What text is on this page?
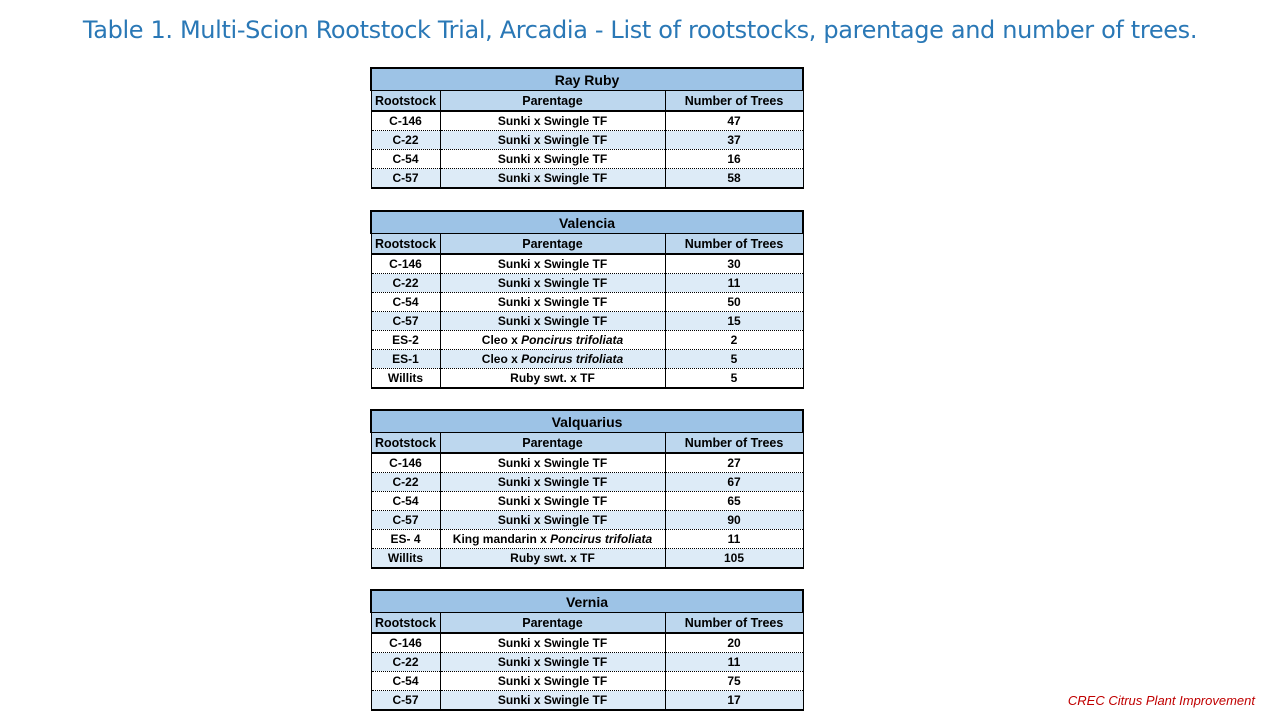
Table 1. Multi-Scion Rootstock Trial, Arcadia - List of rootstocks, parentage and number of trees.
Ray Ruby		
Rootstock	Parentage	Number of Trees
C-146	Sunki x Swingle TF	47
C-22	Sunki x Swingle TF	37
C-54	Sunki x Swingle TF	16
C-57	Sunki x Swingle TF	58
Valencia		
Rootstock	Parentage	Number of Trees
C-146	Sunki x Swingle TF	30
C-22	Sunki x Swingle TF	11
C-54	Sunki x Swingle TF	50
C-57	Sunki x Swingle TF	15
ES-2	Cleo x Poncirus trifoliata	2
ES-1	Cleo x Poncirus trifoliata	5
Willits	Ruby swt. x TF	5
Valquarius		
Rootstock	Parentage	Number of Trees
C-146	Sunki x Swingle TF	27
C-22	Sunki x Swingle TF	67
C-54	Sunki x Swingle TF	65
C-57	Sunki x Swingle TF	90
ES- 4	King mandarin x Poncirus trifoliata	11
Willits	Ruby swt. x TF	105
Vernia		
Rootstock	Parentage	Number of Trees
C-146	Sunki x Swingle TF	20
C-22	Sunki x Swingle TF	11
C-54	Sunki x Swingle TF	75
C-57	Sunki x Swingle TF	17	CREC Citrus Plant Improvement
